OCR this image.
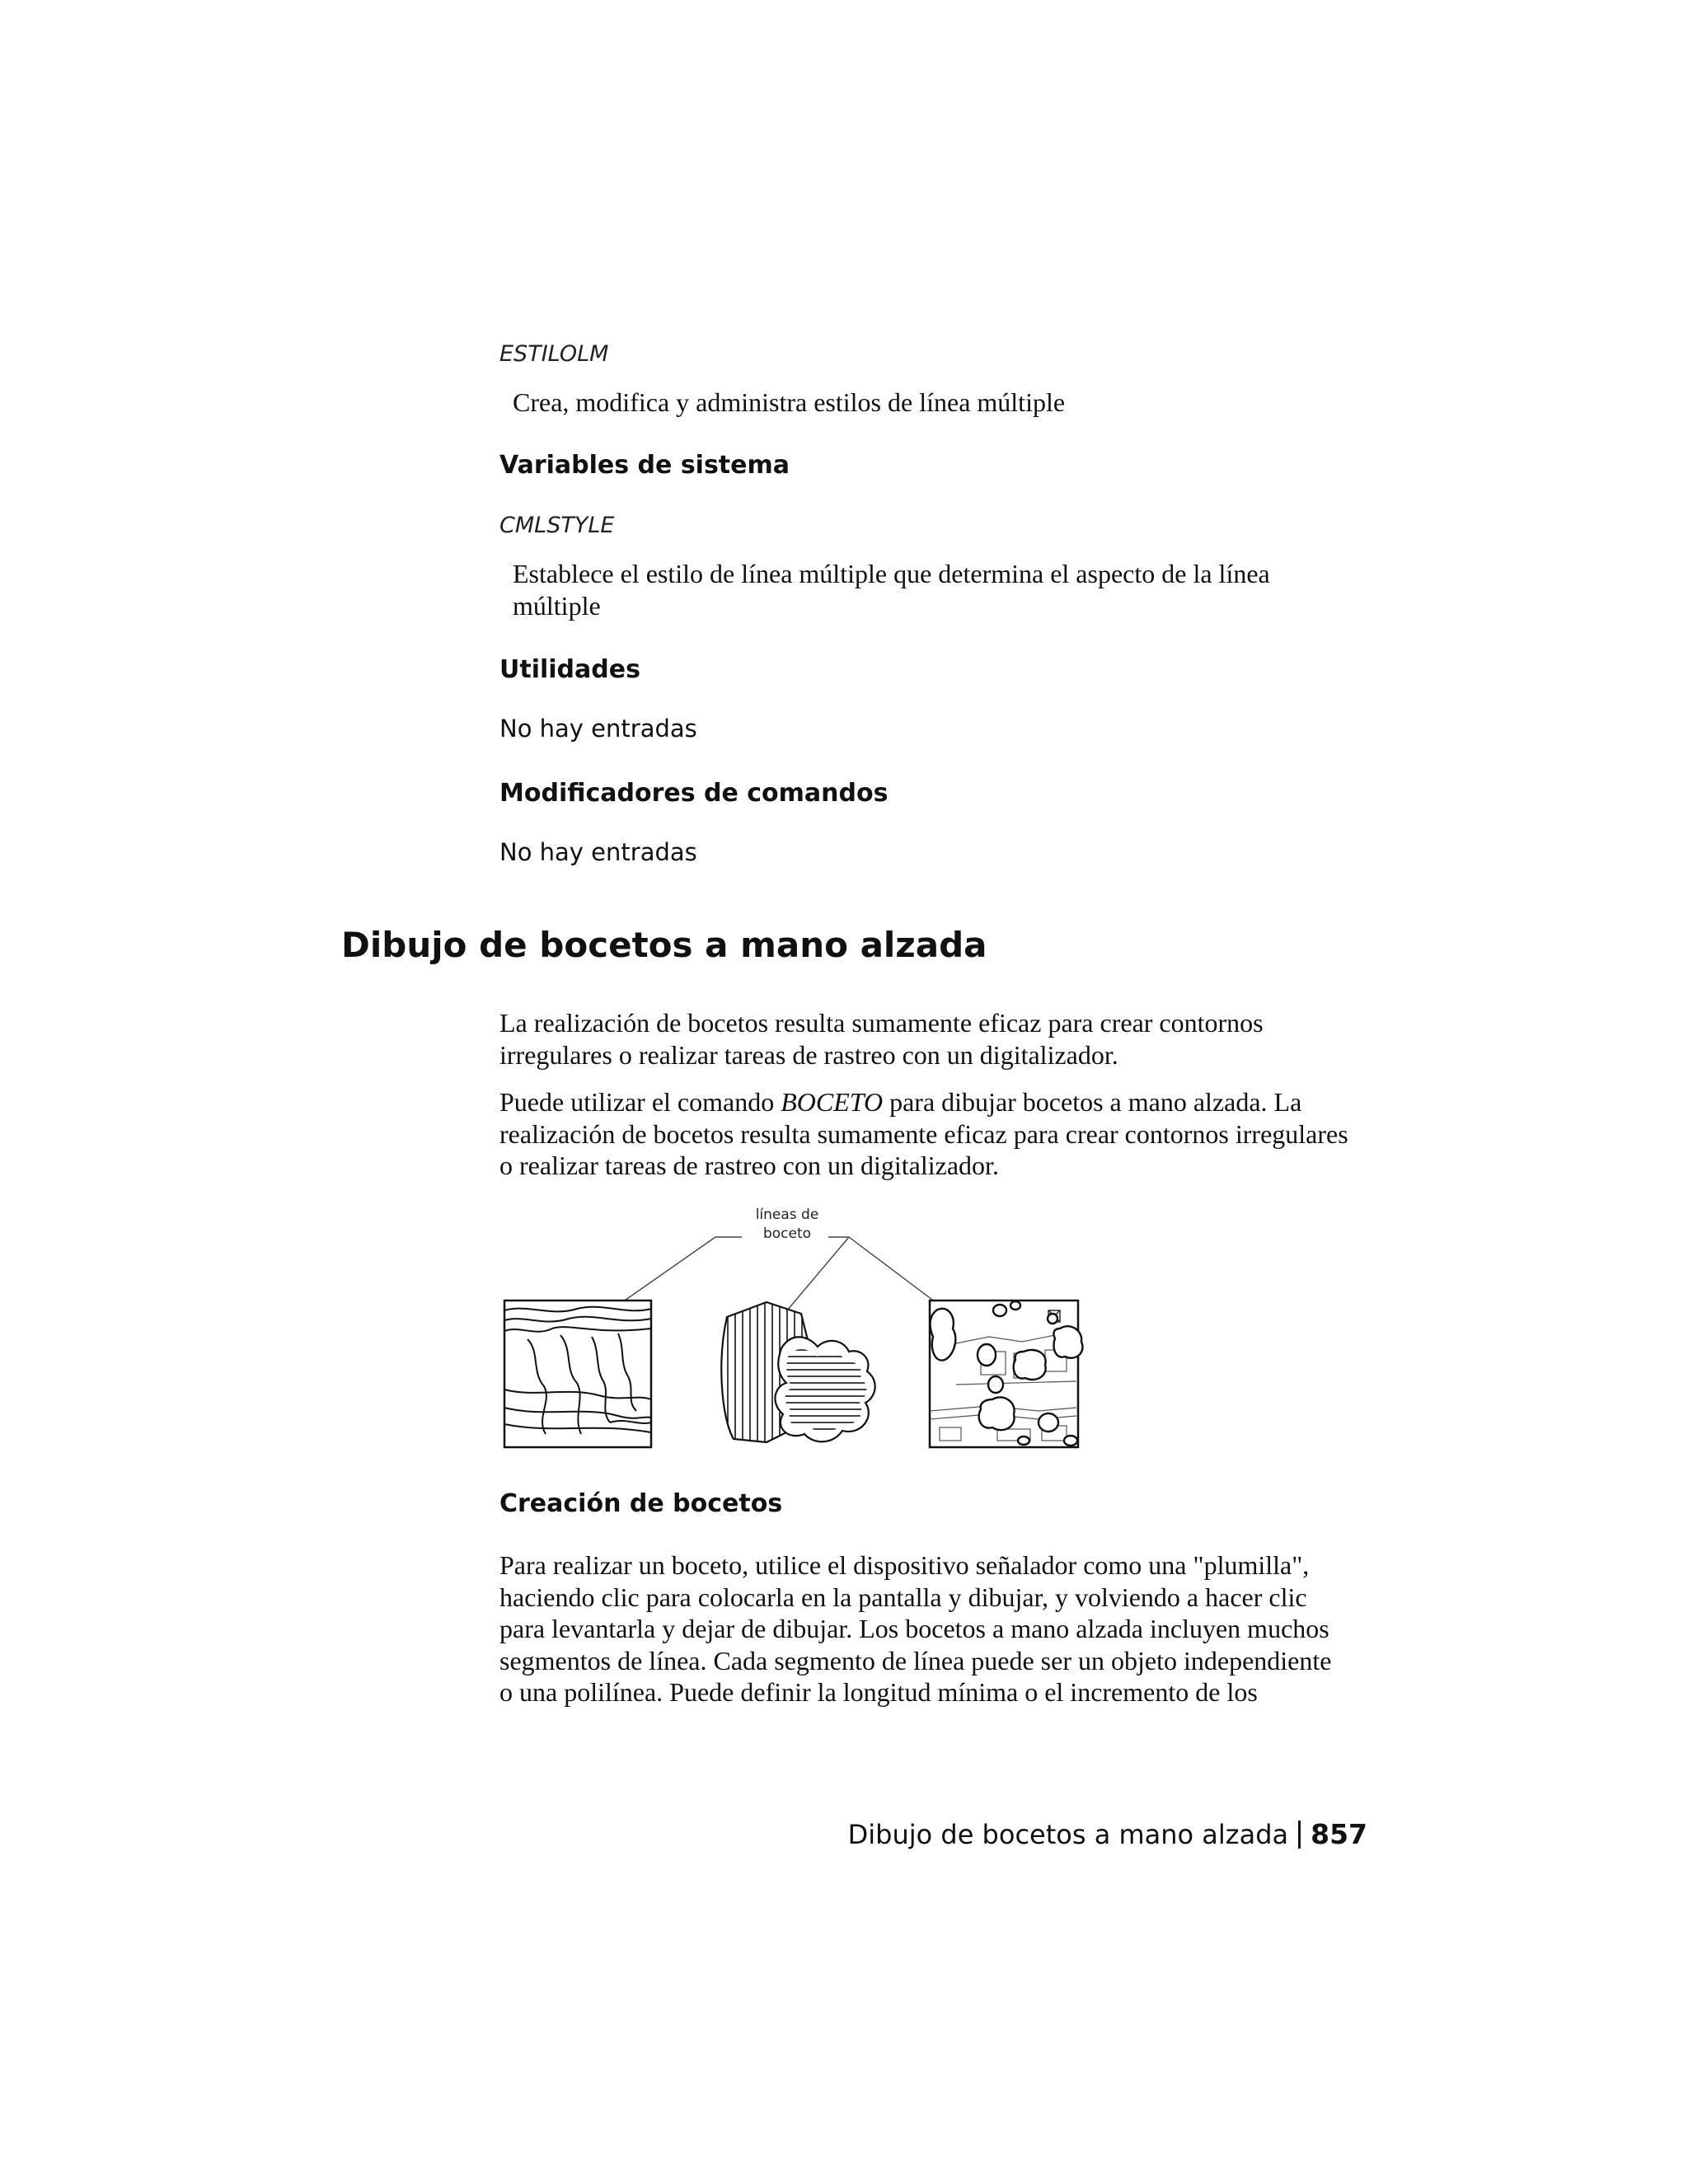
ESTILOLM
Crea, modifica y administra estilos de línea múltiple
Variables de sistema
CMLSTYLE
Establece el estilo de línea múltiple que determina el aspecto de la línea
múltiple
Utilidades
No hay entradas
Modificadores de comandos
No hay entradas
Dibujo de bocetos a mano alzada
La realización de bocetos resulta sumamente eficaz para crear contornos
irregulares o realizar tareas de rastreo con un digitalizador.
Puede utilizar el comando BOCETO para dibujar bocetos a mano alzada. La
realización de bocetos resulta sumamente eficaz para crear contornos irregulares
o realizar tareas de rastreo con un digitalizador.
líneas de
boceto
Creación de bocetos
Para realizar un boceto, utilice el dispositivo señalador como una "plumilla",
haciendo clic para colocarla en la pantalla y dibujar, y volviendo a hacer clic
para levantarla y dejar de dibujar. Los bocetos a mano alzada incluyen muchos
segmentos de línea. Cada segmento de línea puede ser un objeto independiente
o una polilínea. Puede definir la longitud mínima o el incremento de los
Dibujo de bocetos a mano alzada 857
